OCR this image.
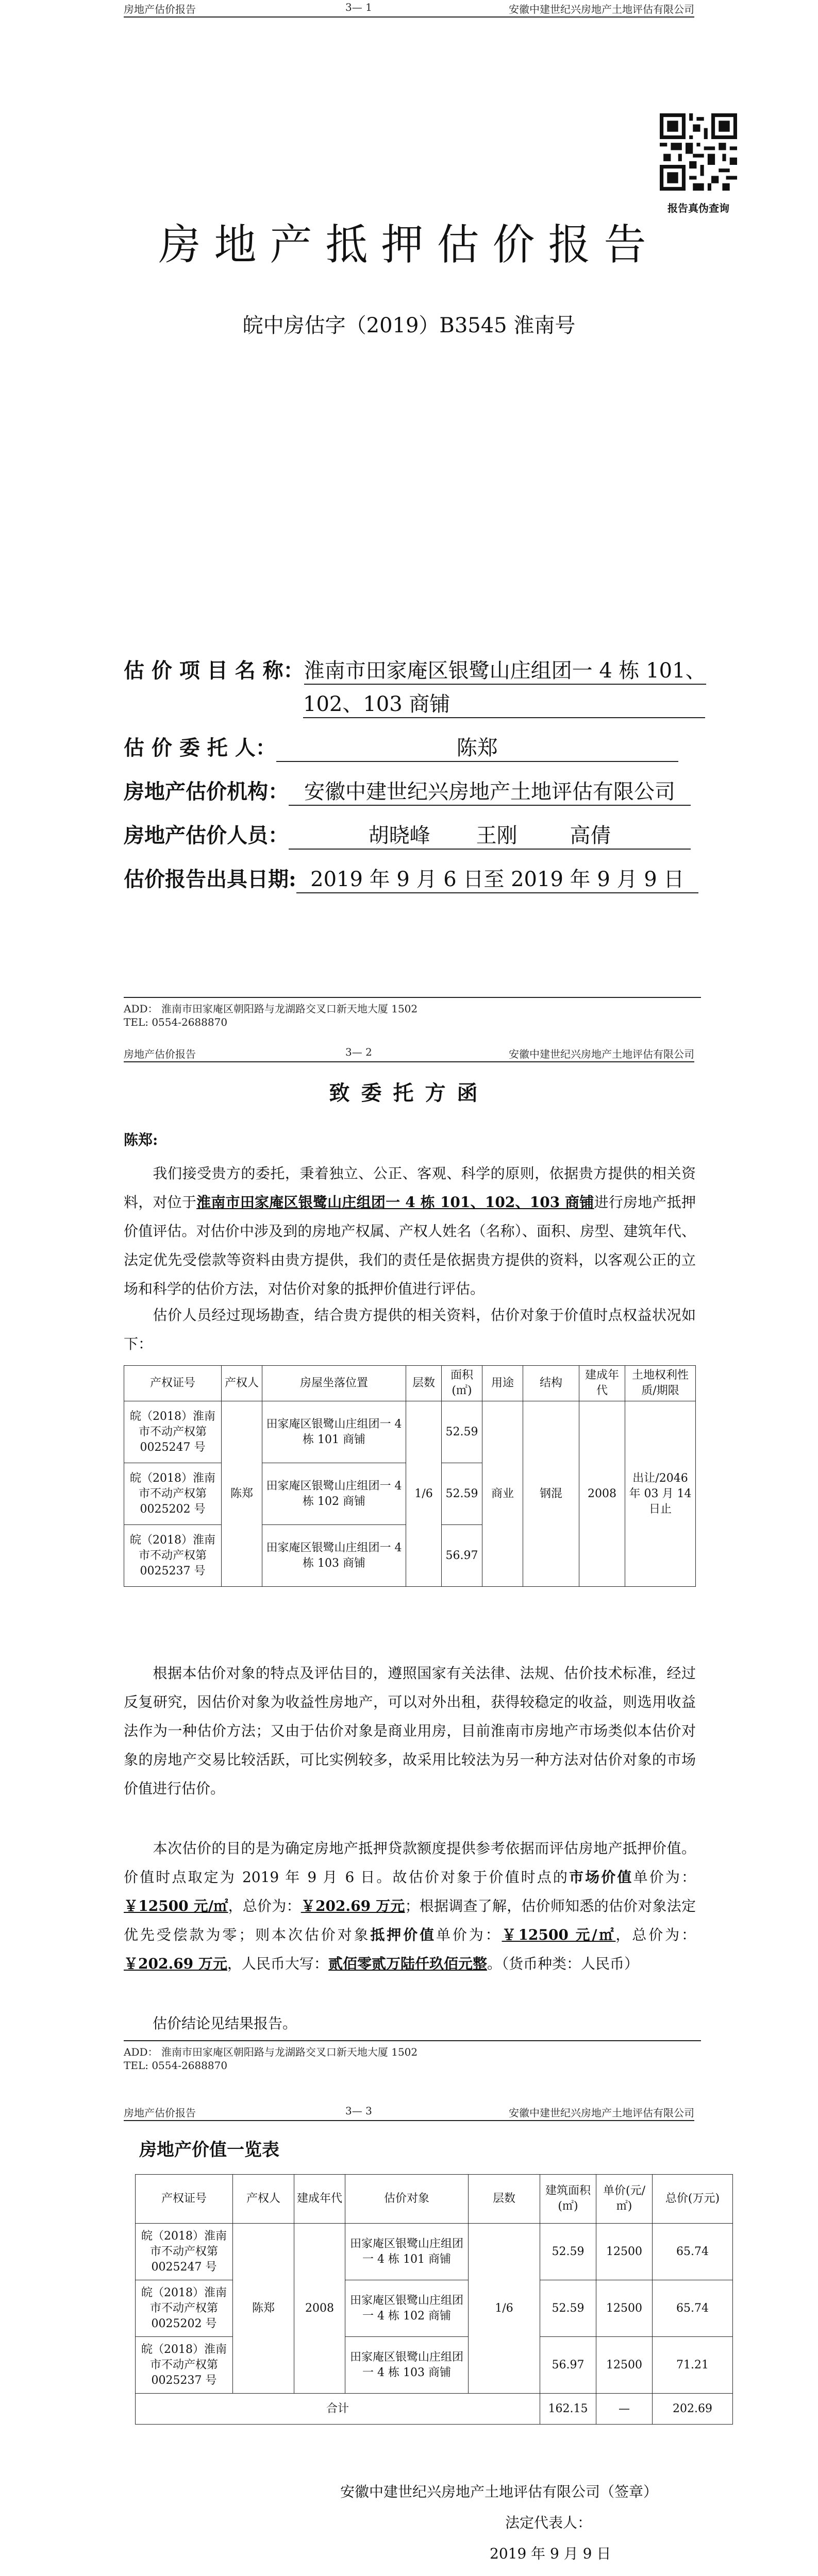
房地产估价报告	3— 1	安徽中建世纪兴房地产土地评估有限公司
报告真伪查询
房地产抵押估价报告
皖中房估字（2019）B3545 淮南号
估 价 项 目 名 称：淮南市田家庵区银鹭山庄组团一 4 栋 101、
102、103 商铺
估 价 委 托 人：	陈郑
房地产估价机构： 安徽中建世纪兴房地产土地评估有限公司
房地产估价人员：	胡晓峰       王刚        高倩
估价报告出具日期: 2019 年 9 月 6 日至 2019 年 9 月 9 日
ADD： 淮南市田家庵区朝阳路与龙湖路交叉口新天地大厦 1502
TEL: 0554-2688870
房地产估价报告	3— 2	安徽中建世纪兴房地产土地评估有限公司
致委托方函
陈郑:
我们接受贵方的委托，秉着独立、公正、客观、科学的原则，依据贵方提供的相关资料，对位于淮南市田家庵区银鹭山庄组团一 4 栋 101、102、103 商铺进行房地产抵押价值评估。对估价中涉及到的房地产权属、产权人姓名（名称）、面积、房型、建筑年代、法定优先受偿款等资料由贵方提供，我们的责任是依据贵方提供的资料，以客观公正的立场和科学的估价方法，对估价对象的抵押价值进行评估。
估价人员经过现场勘查，结合贵方提供的相关资料，估价对象于价值时点权益状况如下：
产权证号	产权人	房屋坐落位置	层数	面积(㎡)	用途	结构	建成年代	土地权利性质/期限
皖（2018）淮南市不动产权第 0025247 号	陈郑	田家庵区银鹭山庄组团一 4 栋 101 商铺	1/6	52.59	商业	钢混	2008	出让/2046 年 03 月 14 日止
皖（2018）淮南市不动产权第 0025202 号		田家庵区银鹭山庄组团一 4 栋 102 商铺		52.59				
皖（2018）淮南市不动产权第 0025237 号		田家庵区银鹭山庄组团一 4 栋 103 商铺		56.97				
根据本估价对象的特点及评估目的，遵照国家有关法律、法规、估价技术标准，经过反复研究，因估价对象为收益性房地产，可以对外出租，获得较稳定的收益，则选用收益法作为一种估价方法；又由于估价对象是商业用房，目前淮南市房地产市场类似本估价对象的房地产交易比较活跃，可比实例较多，故采用比较法为另一种方法对估价对象的市场价值进行估价。
本次估价的目的是为确定房地产抵押贷款额度提供参考依据而评估房地产抵押价值。价值时点取定为 2019 年 9 月 6 日。故估价对象于价值时点的市场价值单价为：￥12500 元/㎡，总价为：￥202.69 万元；根据调查了解，估价师知悉的估价对象法定优先受偿款为零；则本次估价对象抵押价值单价为：￥12500 元/㎡，总价为：￥202.69 万元，人民币大写：贰佰零贰万陆仟玖佰元整。（货币种类：人民币）
估价结论见结果报告。
ADD： 淮南市田家庵区朝阳路与龙湖路交叉口新天地大厦 1502
TEL: 0554-2688870
房地产估价报告	3— 3	安徽中建世纪兴房地产土地评估有限公司
房地产价值一览表
产权证号	产权人	建成年代	估价对象	层数	建筑面积(㎡)	单价(元/㎡)	总价(万元)
皖（2018）淮南市不动产权第 0025247 号	陈郑	2008	田家庵区银鹭山庄组团一 4 栋 101 商铺	1/6	52.59	12500	65.74
皖（2018）淮南市不动产权第 0025202 号			田家庵区银鹭山庄组团一 4 栋 102 商铺		52.59	12500	65.74
皖（2018）淮南市不动产权第 0025237 号			田家庵区银鹭山庄组团一 4 栋 103 商铺		56.97	12500	71.21
合计					162.15	—	202.69
安徽中建世纪兴房地产土地评估有限公司（签章）
法定代表人：
2019 年 9 月 9 日
